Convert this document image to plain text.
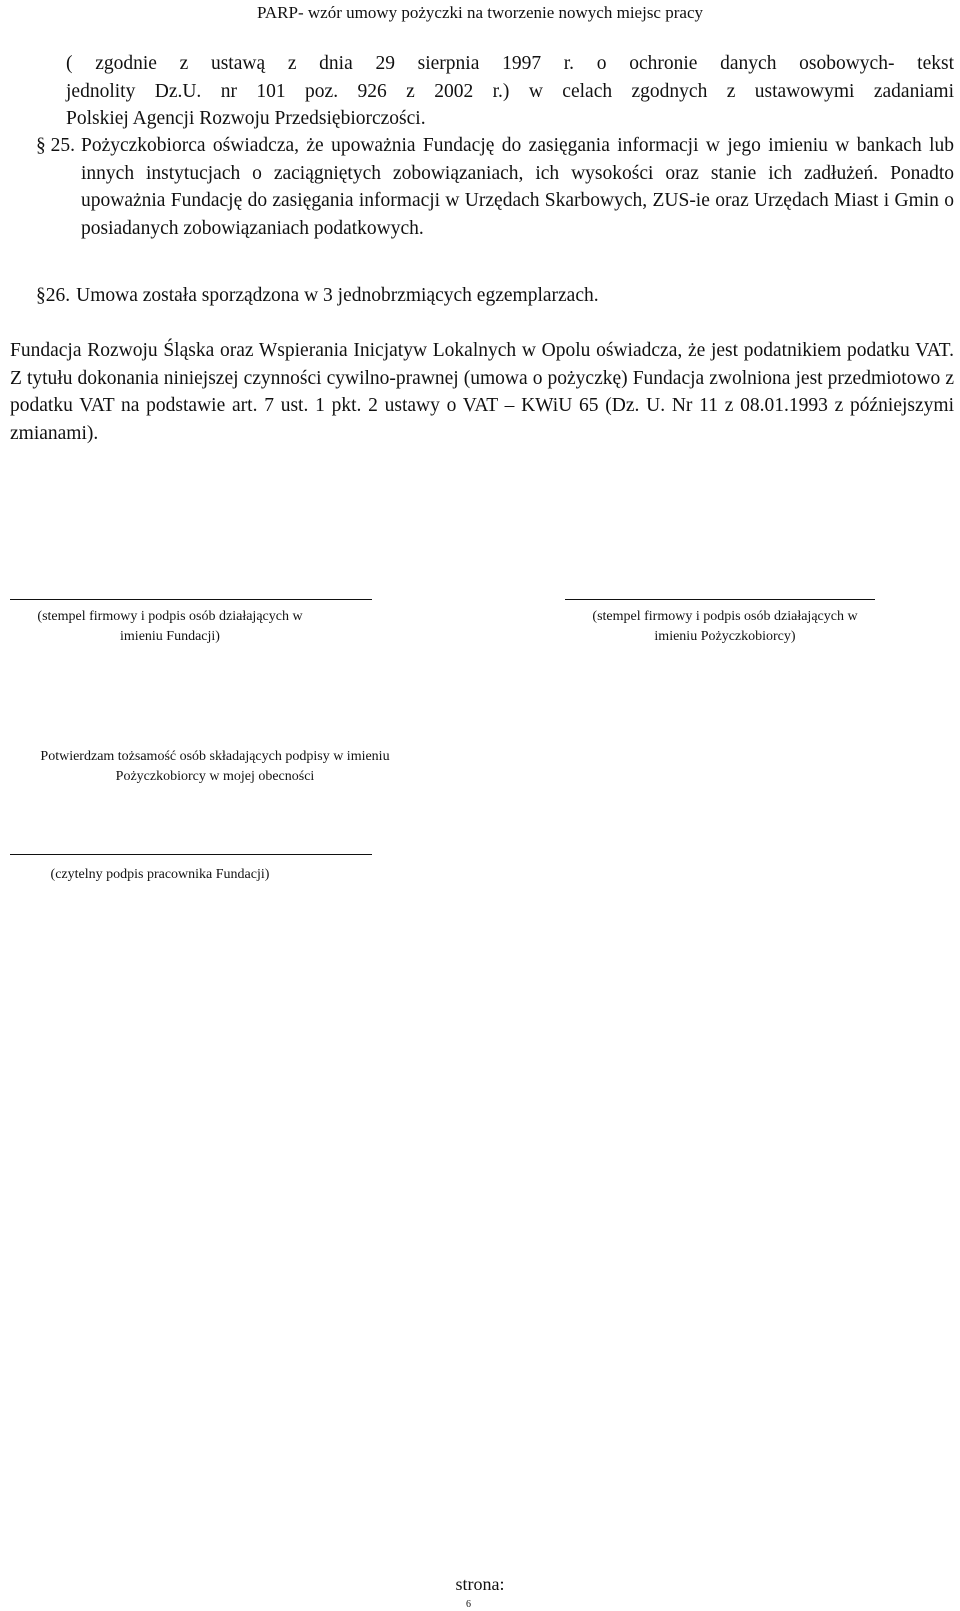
PARP- wzór umowy pożyczki na tworzenie nowych miejsc pracy
( zgodnie z ustawą z dnia 29 sierpnia 1997 r. o ochronie danych osobowych- tekst
jednolity Dz.U. nr 101 poz. 926 z 2002 r.) w celach zgodnych z ustawowymi zadaniami
Polskiej Agencji Rozwoju Przedsiębiorczości.
§ 25. Pożyczkobiorca oświadcza, że upoważnia Fundację do zasięgania informacji w jego imieniu w bankach lub innych instytucjach o zaciągniętych zobowiązaniach, ich wysokości oraz stanie ich zadłużeń. Ponadto upoważnia Fundację do zasięgania informacji w Urzędach Skarbowych, ZUS-ie oraz Urzędach Miast i Gmin o posiadanych zobowiązaniach podatkowych.
§26. Umowa została sporządzona w 3 jednobrzmiących egzemplarzach.
Fundacja Rozwoju Śląska oraz Wspierania Inicjatyw Lokalnych w Opolu oświadcza, że jest podatnikiem podatku VAT. Z tytułu dokonania niniejszej czynności cywilno-prawnej (umowa o pożyczkę) Fundacja zwolniona jest przedmiotowo z podatku VAT na podstawie art. 7 ust. 1 pkt. 2 ustawy o VAT – KWiU 65 (Dz. U. Nr 11 z 08.01.1993 z późniejszymi zmianami).
(stempel firmowy i podpis osób działających w
imieniu Fundacji)
(stempel firmowy i podpis osób działających w
imieniu Pożyczkobiorcy)
Potwierdzam tożsamość osób składających podpisy w imieniu
Pożyczkobiorcy w mojej obecności
(czytelny podpis pracownika Fundacji)
strona:
6
